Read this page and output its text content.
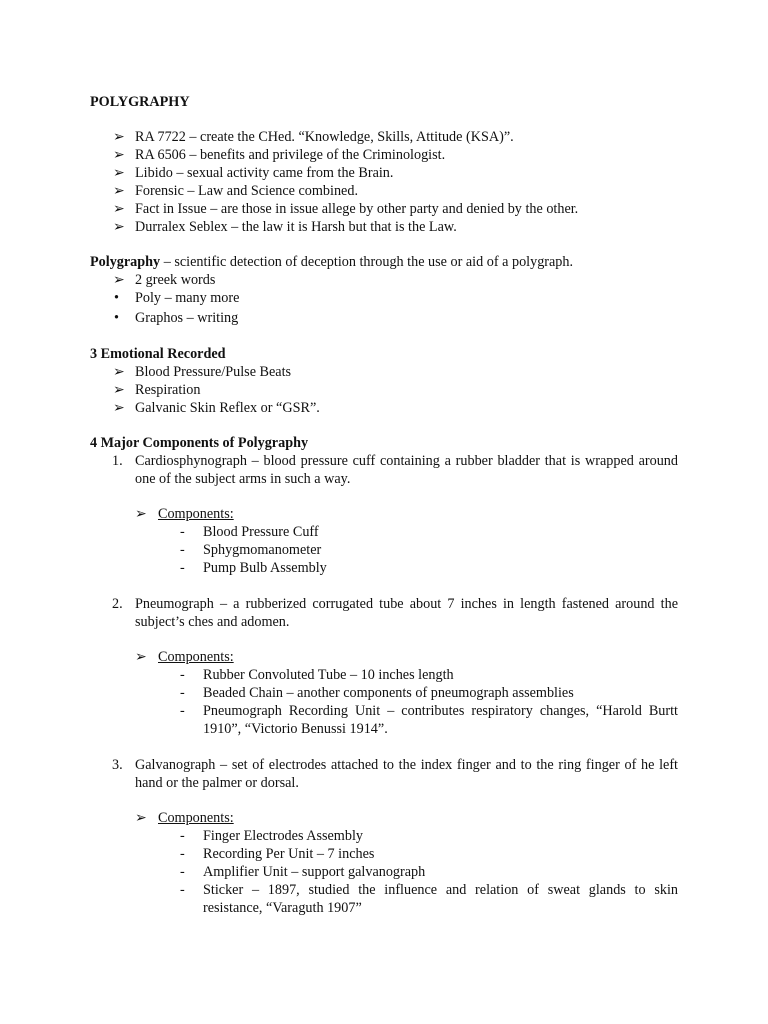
POLYGRAPHY
➢ RA 7722 – create the CHed. “Knowledge, Skills, Attitude (KSA)”.
➢ RA 6506 – benefits and privilege of the Criminologist.
➢ Libido – sexual activity came from the Brain.
➢ Forensic – Law and Science combined.
➢ Fact in Issue – are those in issue allege by other party and denied by the other.
➢ Durralex Seblex – the law it is Harsh but that is the Law.
Polygraphy – scientific detection of deception through the use or aid of a polygraph.
➢ 2 greek words
• Poly – many more
• Graphos – writing
3 Emotional Recorded
➢ Blood Pressure/Pulse Beats
➢ Respiration
➢ Galvanic Skin Reflex or “GSR”.
4 Major Components of Polygraphy
1. Cardiosphynograph – blood pressure cuff containing a rubber bladder that is wrapped around one of the subject arms in such a way.
➢ Components:
- Blood Pressure Cuff
- Sphygmomanometer
- Pump Bulb Assembly
2. Pneumograph – a rubberized corrugated tube about 7 inches in length fastened around the subject’s ches and adomen.
➢ Components:
- Rubber Convoluted Tube – 10 inches length
- Beaded Chain – another components of pneumograph assemblies
- Pneumograph Recording Unit – contributes respiratory changes, “Harold Burtt 1910”, “Victorio Benussi 1914”.
3. Galvanograph – set of electrodes attached to the index finger and to the ring finger of he left hand or the palmer or dorsal.
➢ Components:
- Finger Electrodes Assembly
- Recording Per Unit – 7 inches
- Amplifier Unit – support galvanograph
- Sticker – 1897, studied the influence and relation of sweat glands to skin resistance, “Varaguth 1907”
